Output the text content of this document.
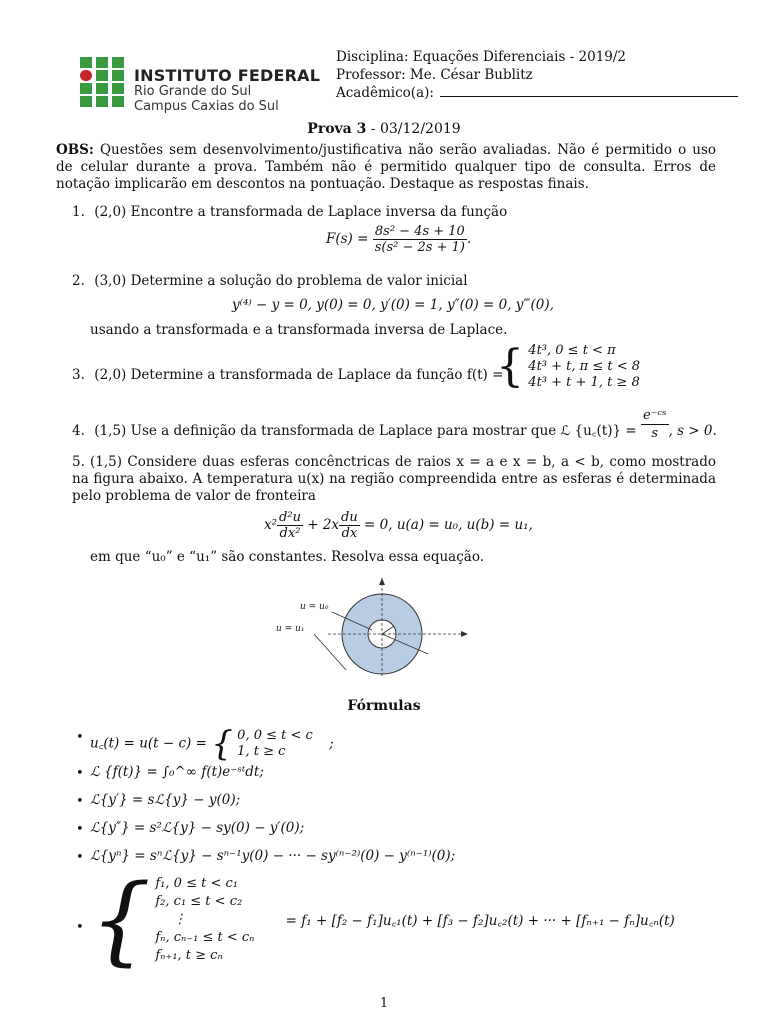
INSTITUTO FEDERAL
Rio Grande do Sul
Campus Caxias do Sul
Disciplina: Equações Diferenciais - 2019/2
Professor: Me. César Bublitz
Acadêmico(a):
Prova 3 - 03/12/2019
OBS: Questões sem desenvolvimento/justificativa não serão avaliadas. Não é permitido o uso de celular durante a prova. Também não é permitido qualquer tipo de consulta. Erros de notação implicarão em descontos na pontuação. Destaque as respostas finais.
1. (2,0) Encontre a transformada de Laplace inversa da função
$F(s) = \frac{\text{8s² − 4s + 10}}{\text{s(s² − 2s + 1)}}$ .
2. (3,0) Determine a solução do problema de valor inicial
y⁽⁴⁾ − y = 0, y(0) = 0, y′(0) = 1, y″(0) = 0, y‴(0),
usando a transformada e a transformada inversa de Laplace.
3. (2,0) Determine a transformada de Laplace da função f(t) =
{ 4t³, 0 ≤ t < π
4t³ + t, π ≤ t < 8
4t³ + t + 1, t ≥ 8
4. (1,5) Use a definição da transformada de Laplace para mostrar que ℒ {u꜀(t)} = $\frac{\text{e⁻ᶜˢ}}{s}$ , s > 0.
5. (1,5) Considere duas esferas concênctricas de raios x = a e x = b, a < b, como mostrado na figura abaixo. A temperatura u(x) na região compreendida entre as esferas é determinada pelo problema de valor de fronteira
$x^2 \frac{\text{d²u}}{\text{dx²}} + 2x \frac{du}{dx} = 0$, u(a) = u₀, u(b) = u₁,
em que “u₀” e “u₁” são constantes. Resolva essa equação.
u = u₀
u = u₁
Fórmulas
• u꜀(t) = u(t − c) = { 0, 0 ≤ t < c
1, t ≥ c	;
• ℒ {f(t)} = ∫₀^∞ f(t)e⁻ˢᵗdt;
• ℒ{y′} = sℒ{y} − y(0);
• ℒ{y″} = s²ℒ{y} − sy(0) − y′(0);
• ℒ{yⁿ} = sⁿℒ{y} − sⁿ⁻¹y(0) − ··· − sy⁽ⁿ⁻²⁾(0) − y⁽ⁿ⁻¹⁾(0);
• { f₁, 0 ≤ t < c₁
f₂, c₁ ≤ t < c₂
⋮
fₙ, cₙ₋₁ ≤ t < cₙ
fₙ₊₁, t ≥ cₙ
= f₁ + [f₂ − f₁]u꜀₁(t) + [f₃ − f₂]u꜀₂(t) + ··· + [fₙ₊₁ − fₙ]u꜀ₙ(t)
1
